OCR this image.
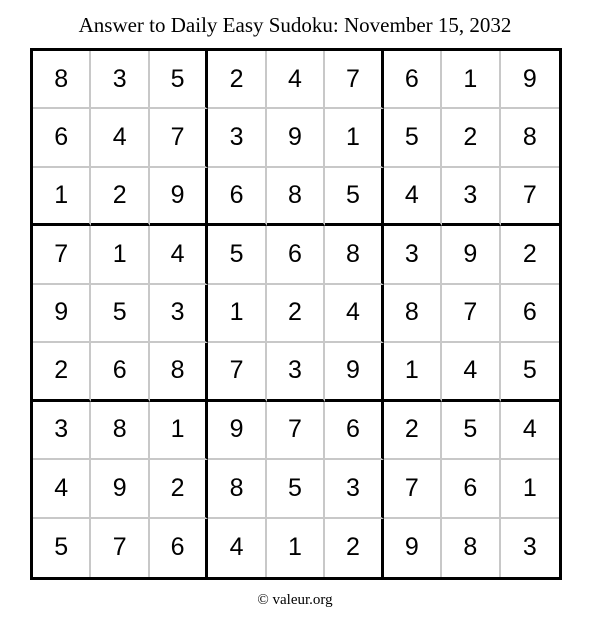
Answer to Daily Easy Sudoku: November 15, 2032
8	3	5	2	4	7	6	1	9
6	4	7	3	9	1	5	2	8
1	2	9	6	8	5	4	3	7
7	1	4	5	6	8	3	9	2
9	5	3	1	2	4	8	7	6
2	6	8	7	3	9	1	4	5
3	8	1	9	7	6	2	5	4
4	9	2	8	5	3	7	6	1
5	7	6	4	1	2	9	8	3
© valeur.org
